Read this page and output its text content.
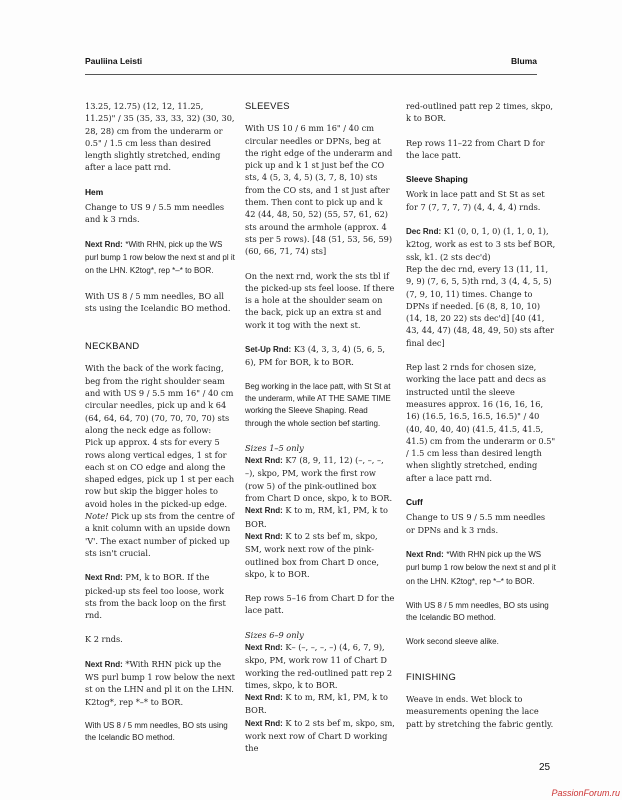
Pauliina Leisti	Bluma

13.25, 12.75) (12, 12, 11.25, 11.25)" / 35 (35, 33, 33, 32) (30, 30, 28, 28) cm from the underarm or 0.5" / 1.5 cm less than desired length slightly stretched, ending after a lace patt rnd.

Hem

Change to US 9 / 5.5 mm needles and k 3 rnds.

Next Rnd: *With RHN, pick up the WS purl bump 1 row below the next st and pl it on the LHN. K2tog*, rep *–* to BOR.

With US 8 / 5 mm needles, BO all sts using the Icelandic BO method.

NECKBAND

With the back of the work facing, beg from the right shoulder seam and with US 9 / 5.5 mm 16" / 40 cm circular needles, pick up and k 64 (64, 64, 64, 70) (70, 70, 70, 70) sts along the neck edge as follow:

Pick up approx. 4 sts for every 5 rows along vertical edges, 1 st for each st on CO edge and along the shaped edges, pick up 1 st per each row but skip the bigger holes to avoid holes in the picked-up edge. Note! Pick up sts from the centre of a knit column with an upside down 'V'. The exact number of picked up sts isn't crucial.

Next Rnd: PM, k to BOR. If the picked-up sts feel too loose, work sts from the back loop on the first rnd.

K 2 rnds.

Next Rnd: *With RHN pick up the WS purl bump 1 row below the next st on the LHN and pl it on the LHN. K2tog*, rep *–* to BOR.

With US 8 / 5 mm needles, BO sts using the Icelandic BO method.

SLEEVES

With US 10 / 6 mm 16" / 40 cm circular needles or DPNs, beg at the right edge of the underarm and pick up and k 1 st just bef the CO sts, 4 (5, 3, 4, 5) (3, 7, 8, 10) sts from the CO sts, and 1 st just after them. Then cont to pick up and k 42 (44, 48, 50, 52) (55, 57, 61, 62) sts around the armhole (approx. 4 sts per 5 rows). [48 (51, 53, 56, 59) (60, 66, 71, 74) sts]

On the next rnd, work the sts tbl if the picked-up sts feel loose. If there is a hole at the shoulder seam on the back, pick up an extra st and work it tog with the next st.

Set-Up Rnd: K3 (4, 3, 3, 4) (5, 6, 5, 6), PM for BOR, k to BOR.

Beg working in the lace patt, with St St at the underarm, while AT THE SAME TIME working the Sleeve Shaping. Read through the whole section bef starting.

Sizes 1–5 only
Next Rnd: K7 (8, 9, 11, 12) (–, –, –, –), skpo, PM, work the first row (row 5) of the pink-outlined box from Chart D once, skpo, k to BOR.
Next Rnd: K to m, RM, k1, PM, k to BOR.

Next Rnd: K to 2 sts bef m, skpo, SM, work next row of the pink-outlined box from Chart D once, skpo, k to BOR.

Rep rows 5–16 from Chart D for the lace patt.

Sizes 6–9 only
Next Rnd: K– (–, –, –, –) (4, 6, 7, 9), skpo, PM, work row 11 of Chart D working the red-outlined patt rep 2 times, skpo, k to BOR.
Next Rnd: K to m, RM, k1, PM, k to BOR.
Next Rnd: K to 2 sts bef m, skpo, sm, work next row of Chart D working the

red-outlined patt rep 2 times, skpo, k to BOR.

Rep rows 11–22 from Chart D for the lace patt.

Sleeve Shaping

Work in lace patt and St St as set for 7 (7, 7, 7, 7) (4, 4, 4, 4) rnds.

Dec Rnd: K1 (0, 0, 1, 0) (1, 1, 0, 1), k2tog, work as est to 3 sts bef BOR, ssk, k1. (2 sts dec'd)

Rep the dec rnd, every 13 (11, 11, 9, 9) (7, 6, 5, 5)th rnd, 3 (4, 4, 5, 5) (7, 9, 10, 11) times. Change to DPNs if needed. [6 (8, 8, 10, 10) (14, 18, 20 22) sts dec'd] [40 (41, 43, 44, 47) (48, 48, 49, 50) sts after final dec]

Rep last 2 rnds for chosen size, working the lace patt and decs as instructed until the sleeve measures approx. 16 (16, 16, 16, 16) (16.5, 16.5, 16.5, 16.5)" / 40 (40, 40, 40, 40) (41.5, 41.5, 41.5, 41.5) cm from the underarm or 0.5" / 1.5 cm less than desired length when slightly stretched, ending after a lace patt rnd.

Cuff

Change to US 9 / 5.5 mm needles or DPNs and k 3 rnds.

Next Rnd: *With RHN pick up the WS purl bump 1 row below the next st and pl it on the LHN. K2tog*, rep *–* to BOR.

With US 8 / 5 mm needles, BO sts using the Icelandic BO method.

Work second sleeve alike.

FINISHING

Weave in ends. Wet block to measurements opening the lace patt by stretching the fabric gently.

25
PassionForum.ru
